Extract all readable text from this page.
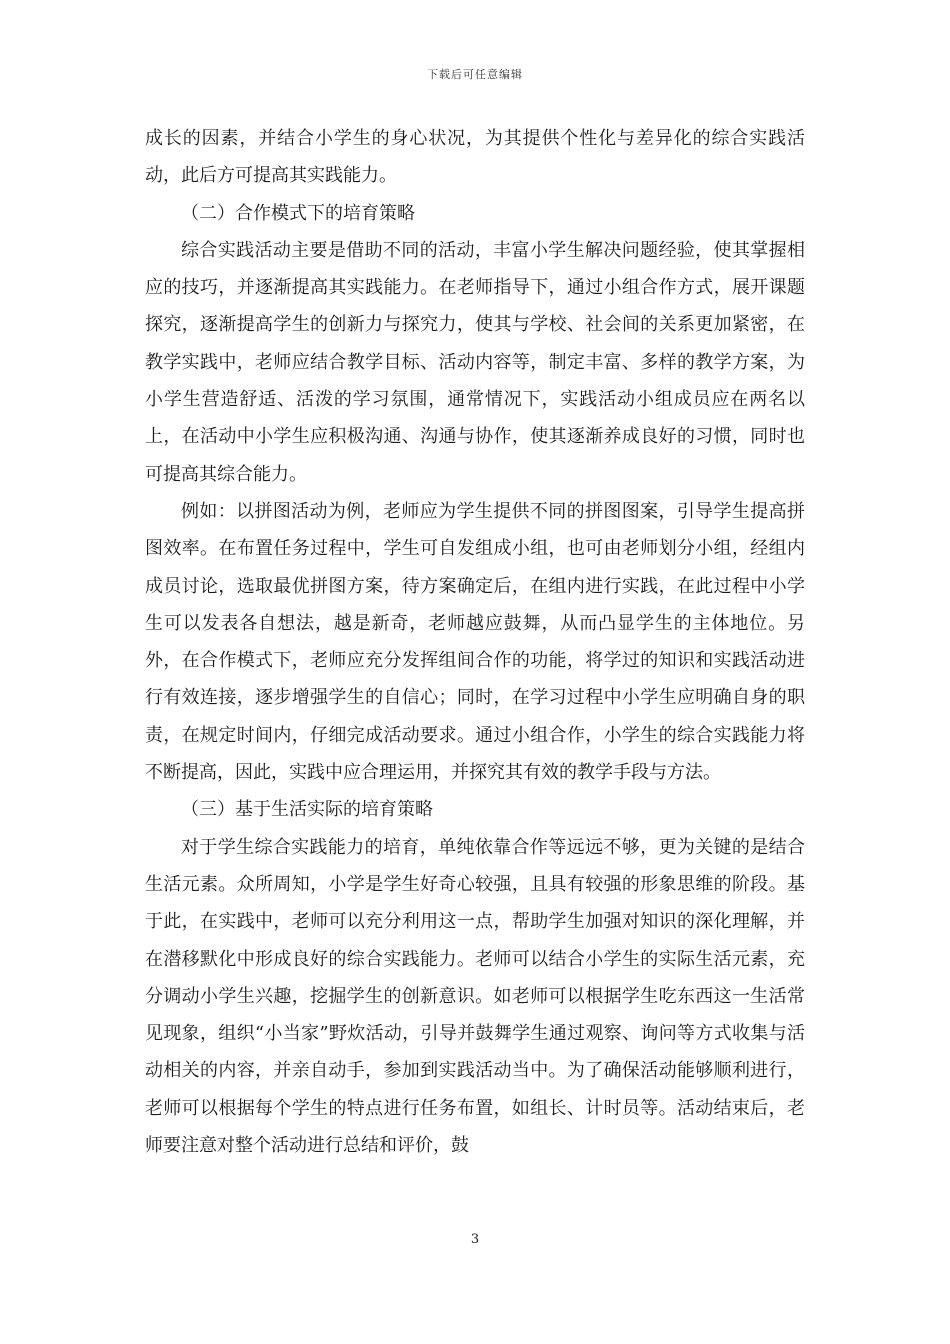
下载后可任意编辑

成长的因素，并结合小学生的身心状况，为其提供个性化与差异化的综合实践活动，此后方可提高其实践能力。

（二）合作模式下的培育策略

综合实践活动主要是借助不同的活动，丰富小学生解决问题经验，使其掌握相应的技巧，并逐渐提高其实践能力。在老师指导下，通过小组合作方式，展开课题探究，逐渐提高学生的创新力与探究力，使其与学校、社会间的关系更加紧密，在教学实践中，老师应结合教学目标、活动内容等，制定丰富、多样的教学方案，为小学生营造舒适、活泼的学习氛围，通常情况下，实践活动小组成员应在两名以上，在活动中小学生应积极沟通、沟通与协作，使其逐渐养成良好的习惯，同时也可提高其综合能力。

例如：以拼图活动为例，老师应为学生提供不同的拼图图案，引导学生提高拼图效率。在布置任务过程中，学生可自发组成小组，也可由老师划分小组，经组内成员讨论，选取最优拼图方案，待方案确定后，在组内进行实践，在此过程中小学生可以发表各自想法，越是新奇，老师越应鼓舞，从而凸显学生的主体地位。另外，在合作模式下，老师应充分发挥组间合作的功能，将学过的知识和实践活动进行有效连接，逐步增强学生的自信心；同时，在学习过程中小学生应明确自身的职责，在规定时间内，仔细完成活动要求。通过小组合作，小学生的综合实践能力将不断提高，因此，实践中应合理运用，并探究其有效的教学手段与方法。

（三）基于生活实际的培育策略

对于学生综合实践能力的培育，单纯依靠合作等远远不够，更为关键的是结合生活元素。众所周知，小学是学生好奇心较强，且具有较强的形象思维的阶段。基于此，在实践中，老师可以充分利用这一点，帮助学生加强对知识的深化理解，并在潜移默化中形成良好的综合实践能力。老师可以结合小学生的实际生活元素，充分调动小学生兴趣，挖掘学生的创新意识。如老师可以根据学生吃东西这一生活常见现象，组织“小当家”野炊活动，引导并鼓舞学生通过观察、询问等方式收集与活动相关的内容，并亲自动手，参加到实践活动当中。为了确保活动能够顺利进行，老师可以根据每个学生的特点进行任务布置，如组长、计时员等。活动结束后，老师要注意对整个活动进行总结和评价，鼓

3
